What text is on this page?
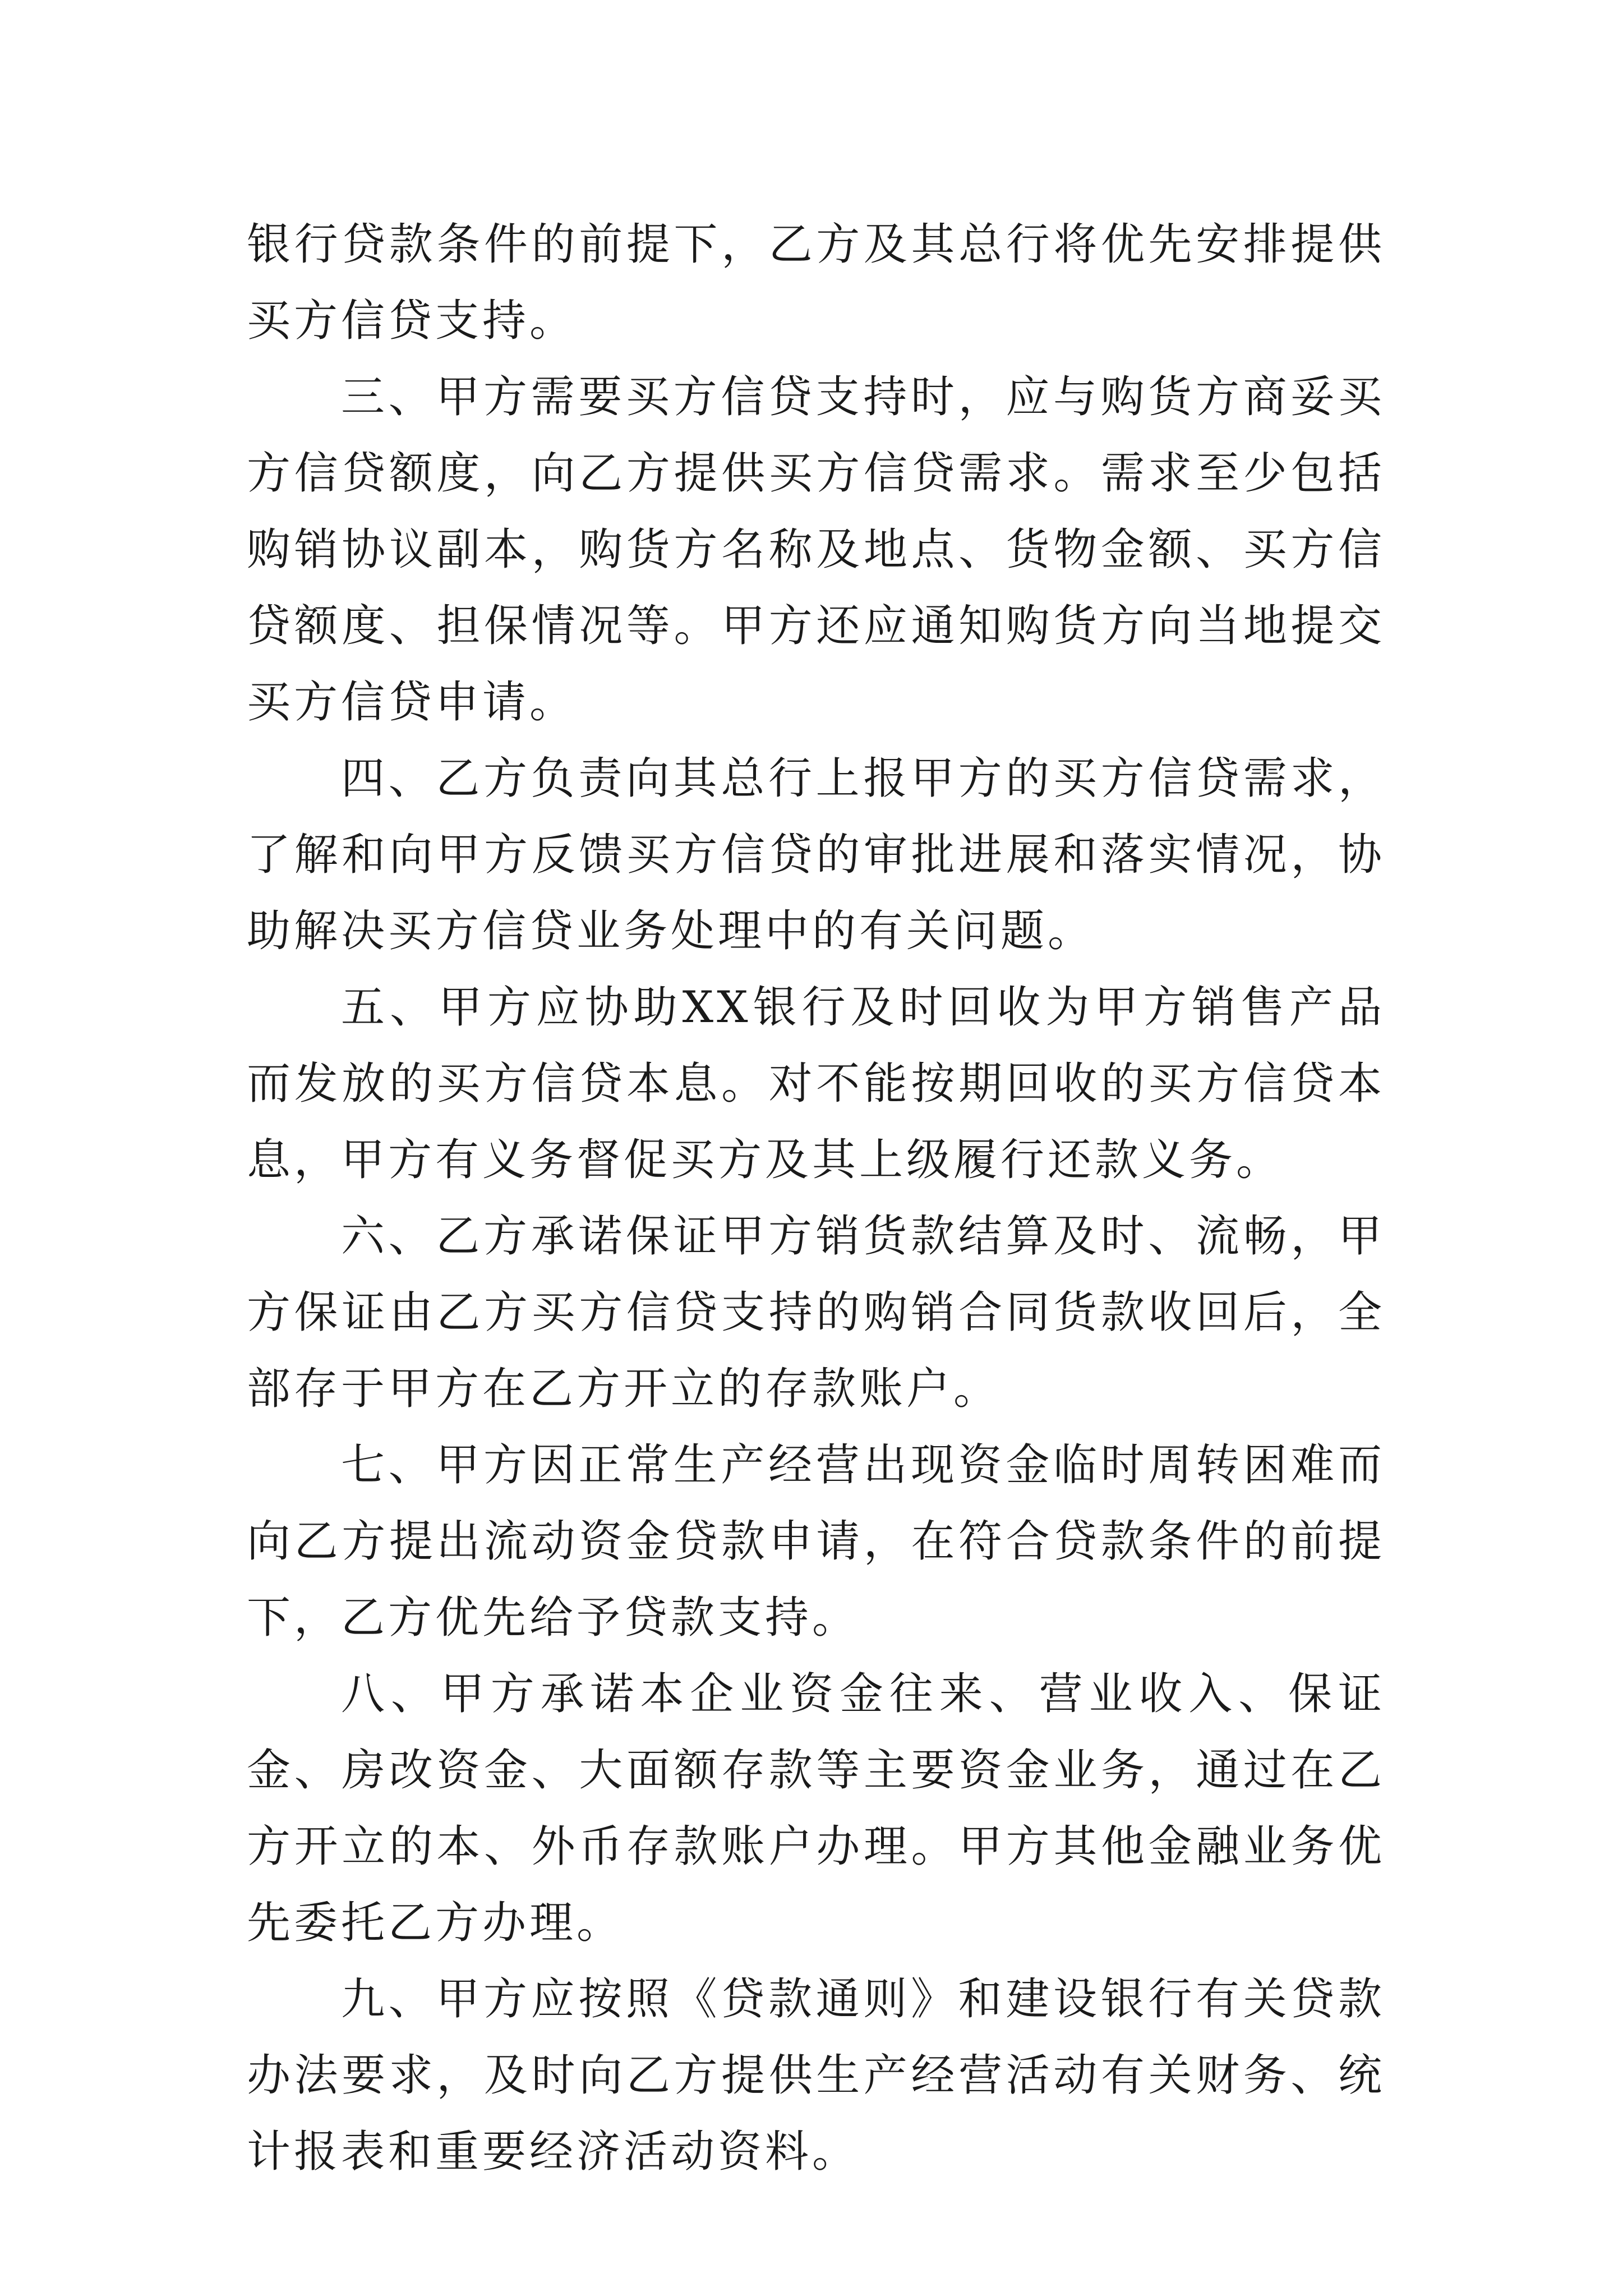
银行贷款条件的前提下，乙方及其总行将优先安排提供买方信贷支持。

三、甲方需要买方信贷支持时，应与购货方商妥买方信贷额度，向乙方提供买方信贷需求。需求至少包括购销协议副本，购货方名称及地点、货物金额、买方信贷额度、担保情况等。甲方还应通知购货方向当地提交买方信贷申请。

四、乙方负责向其总行上报甲方的买方信贷需求，了解和向甲方反馈买方信贷的审批进展和落实情况，协助解决买方信贷业务处理中的有关问题。

五、甲方应协助XX银行及时回收为甲方销售产品而发放的买方信贷本息。对不能按期回收的买方信贷本息，甲方有义务督促买方及其上级履行还款义务。

六、乙方承诺保证甲方销货款结算及时、流畅，甲方保证由乙方买方信贷支持的购销合同货款收回后，全部存于甲方在乙方开立的存款账户。

七、甲方因正常生产经营出现资金临时周转困难而向乙方提出流动资金贷款申请，在符合贷款条件的前提下，乙方优先给予贷款支持。

八、甲方承诺本企业资金往来、营业收入、保证金、房改资金、大面额存款等主要资金业务，通过在乙方开立的本、外币存款账户办理。甲方其他金融业务优先委托乙方办理。

九、甲方应按照《贷款通则》和建设银行有关贷款办法要求，及时向乙方提供生产经营活动有关财务、统计报表和重要经济活动资料。
